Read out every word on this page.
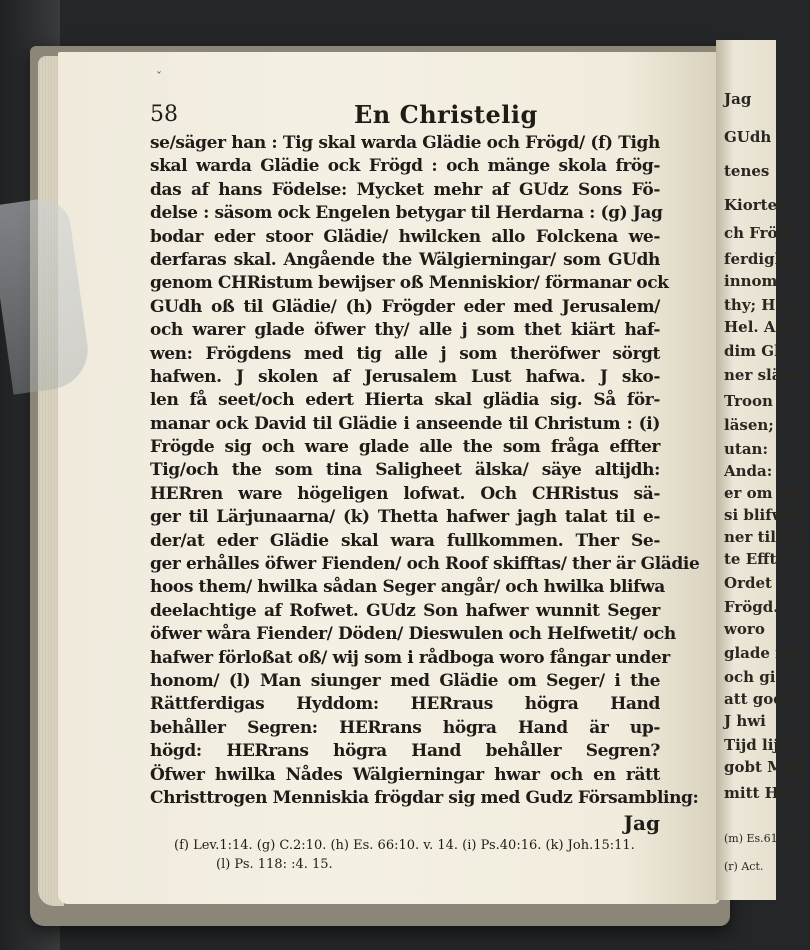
Jag
GUdh
tenes
Kiortel
ch Frög
ferdighe
innom
thy; Hie
Hel. And
dim Glä
ner släde
Troon
läsen;
utan:
Anda:
er om wij
si blifwer
ner tilkän
te Effter
Ordet
Frögd.
woro
glade när
och gi
att godt
J hwi
Tijd lijda
gobt Mod/
mitt Hier
(m) Es.61:10. v
(r) Act.
ˇ
58	En Christelig
se/säger han : Tig skal warda Glädie och Frögd/ (f) Tigh
skal warda Glädie ock Frögd : och mänge skola frög-
das af hans Födelse: Mycket mehr af GUdz Sons Fö-
delse : säsom ock Engelen betygar til Herdarna : (g) Jag
bodar eder stoor Glädie/ hwilcken allo Folckena we-
derfaras skal. Angående the Wälgierningar/ som GUdh
genom CHRistum bewijser oß Menniskior/ förmanar ock
GUdh oß til Glädie/ (h) Frögder eder med Jerusalem/
och warer glade öfwer thy/ alle j som thet kiärt haf-
wen: Frögdens med tig alle j som theröfwer sörgt
hafwen. J skolen af Jerusalem Lust hafwa. J sko-
len få seet/och edert Hierta skal glädia sig. Så för-
manar ock David til Glädie i anseende til Christum : (i)
Frögde sig och ware glade alle the som fråga effter
Tig/och the som tina Saligheet älska/ säye altijdh:
HERren ware högeligen lofwat. Och CHRistus sä-
ger til Lärjunaarna/ (k) Thetta hafwer jagh talat til e-
der/at eder Glädie skal wara fullkommen. Ther Se-
ger erhålles öfwer Fienden/ och Roof skifftas/ ther är Glädie
hoos them/ hwilka sådan Seger angår/ och hwilka blifwa
deelachtige af Rofwet. GUdz Son hafwer wunnit Seger
öfwer wåra Fiender/ Döden/ Dieswulen och Helfwetit/ och
hafwer förloßat oß/ wij som i rådboga woro fångar under
honom/ (l) Man siunger med Glädie om Seger/ i the
Rättferdigas Hyddom: HERraus högra Hand
behåller Segren: HERrans högra Hand är up-
högd: HERrans högra Hand behåller Segren?
Öfwer hwilka Nådes Wälgierningar hwar och en rätt
Christtrogen Menniskia frögdar sig med Gudz Försambling:
Jag
(f) Lev.1:14. (g) C.2:10. (h) Es. 66:10. v. 14. (i) Ps.40:16. (k) Joh.15:11.
(l) Ps. 118: :4. 15.
